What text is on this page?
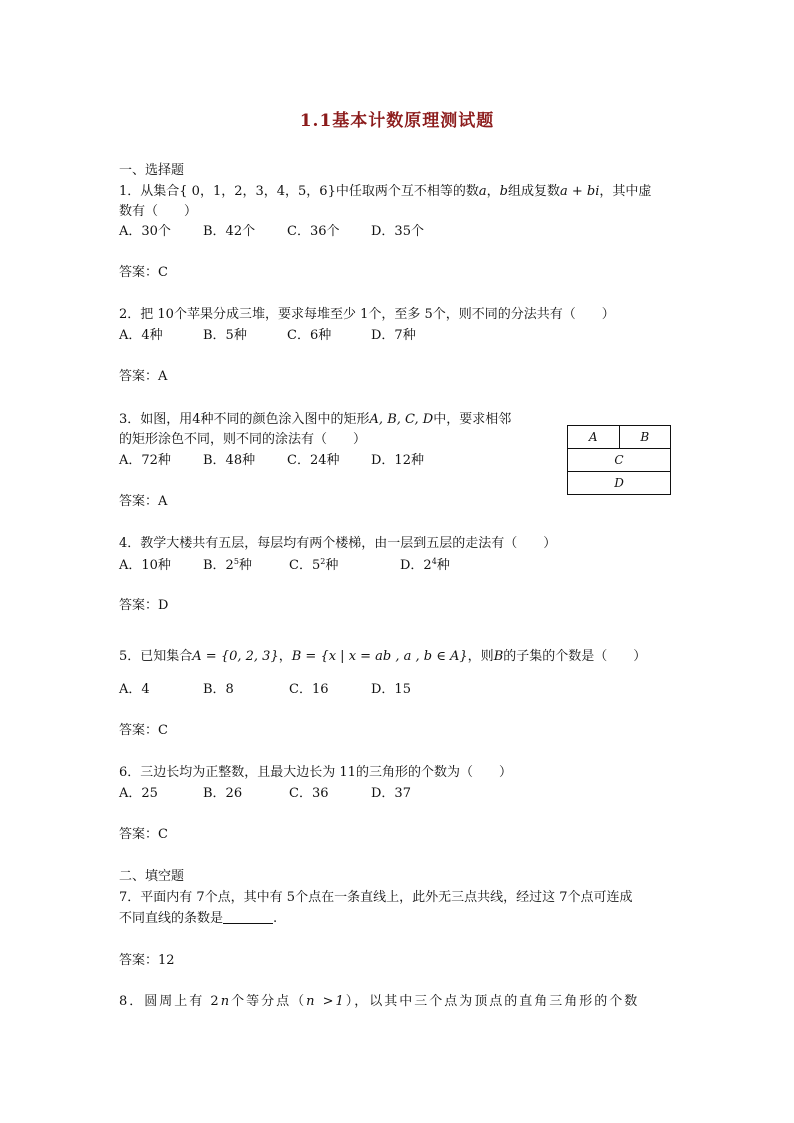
1.1基本计数原理测试题
一、选择题
1．从集合{ 0，1，2，3，4，5，6}中任取两个互不相等的数a，b组成复数a + bi，其中虚
数有（　　）
A．30个 B．42个 C．36个 D．35个
答案：C
2．把 10个苹果分成三堆，要求每堆至少 1个，至多 5个，则不同的分法共有（　　）
A．4种	B．5种	C．6种	D．7种
答案：A
3．如图，用4种不同的颜色涂入图中的矩形A, B, C, D中，要求相邻
的矩形涂色不同，则不同的涂法有（　　）
A．72种 B．48种 C．24种 D．12种
答案：A
A	B
C
D
4．教学大楼共有五层，每层均有两个楼梯，由一层到五层的走法有（　　）
A．10种 B．$2^5$种	C．$5^2$种	D．$2^4$种
答案：D
5．已知集合A = {0, 2, 3}，B = {x | x = ab , a , b ∈ A}，则B的子集的个数是（　　）
A．4	B．8	C．16	D．15
答案：C
6．三边长均为正整数，且最大边长为 11的三角形的个数为（　　）
A．25	B．26	C．36	D．37
答案：C
二、填空题
7．平面内有 7个点，其中有 5个点在一条直线上，此外无三点共线，经过这 7个点可连成
不同直线的条数是	.
答案：12
8．圆周上有 2n个等分点（n >1），以其中三个点为顶点的直角三角形的个数
